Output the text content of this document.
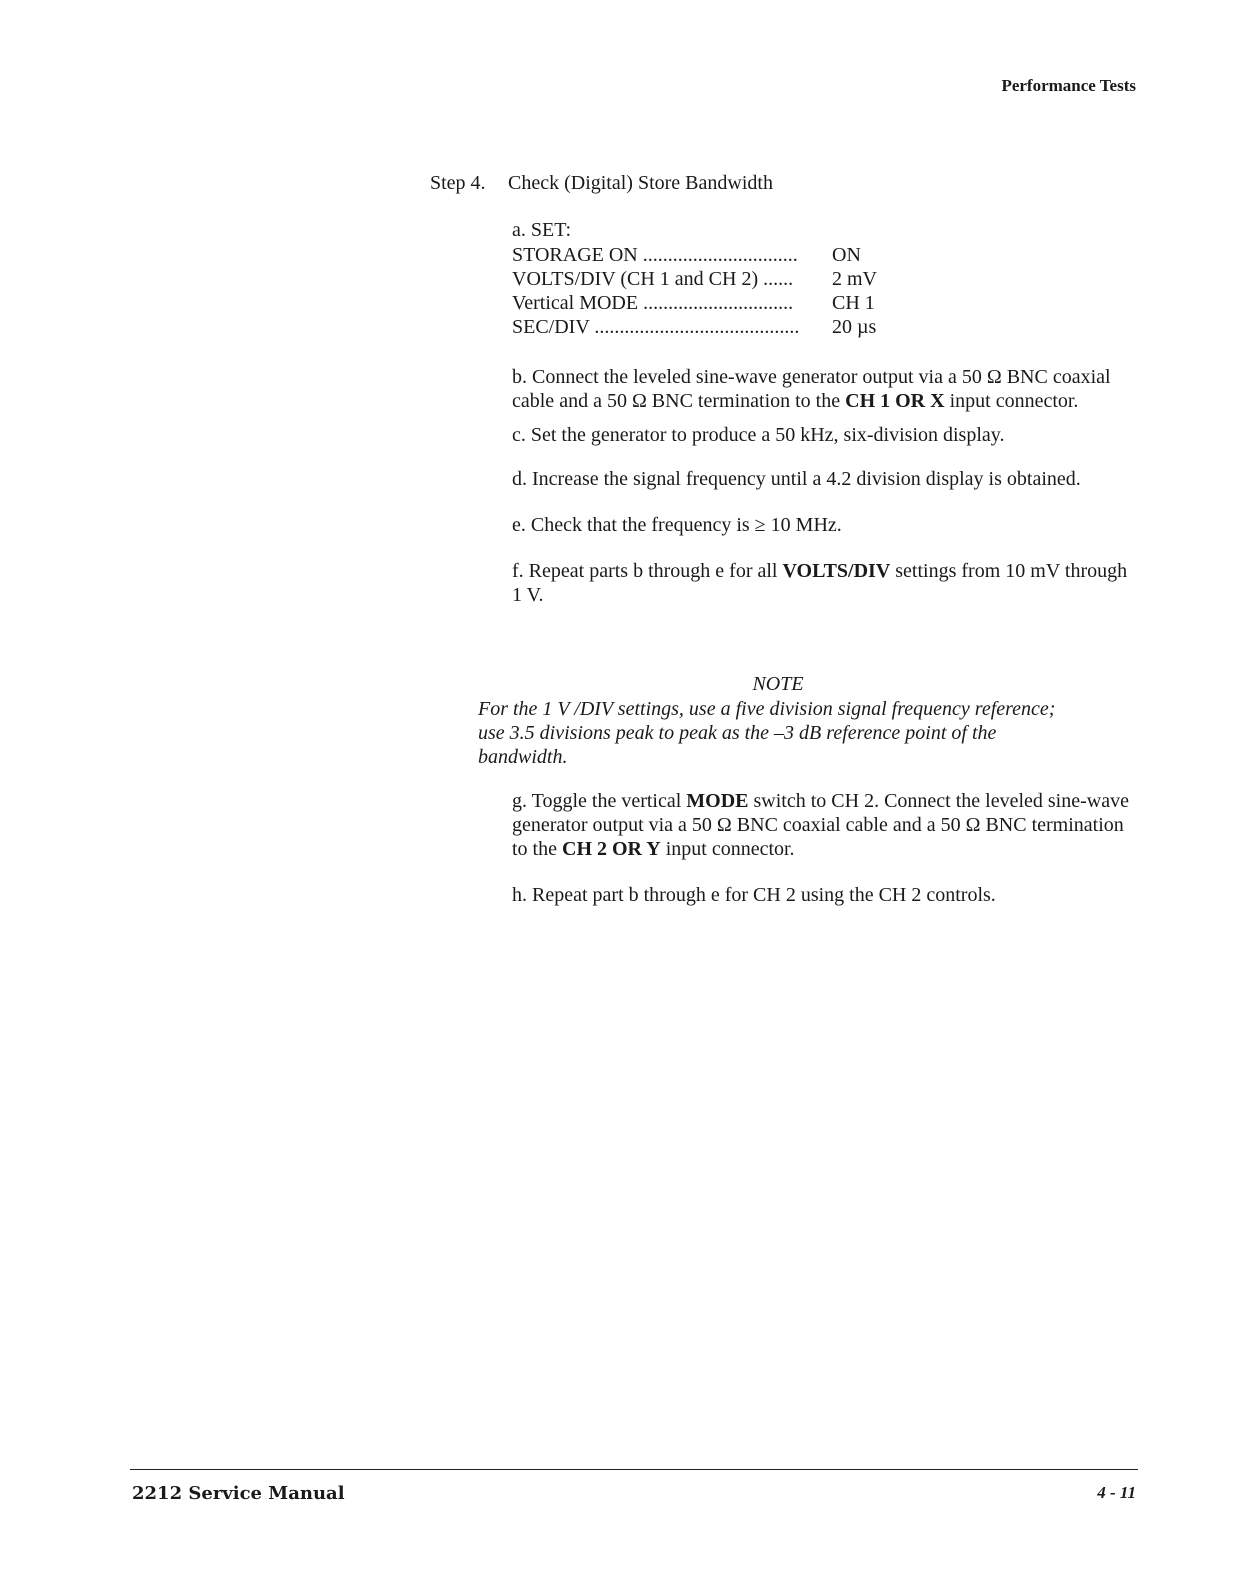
Performance Tests
Step 4. Check (Digital) Store Bandwidth

a. SET:

STORAGE ON ...............................	ON
VOLTS/DIV (CH 1 and CH 2) ......	2 mV
Vertical MODE ..............................	CH 1
SEC/DIV .........................................	20 µs

b. Connect the leveled sine-wave generator output via a 50 Ω BNC coaxial cable and a 50 Ω BNC termination to the CH 1 OR X input connector.

c. Set the generator to produce a 50 kHz, six-division display.

d. Increase the signal frequency until a 4.2 division display is obtained.

e. Check that the frequency is ≥ 10 MHz.

f. Repeat parts b through e for all VOLTS/DIV settings from 10 mV through 1 V.

NOTE
For the 1 V /DIV settings, use a five division signal frequency reference; use 3.5 divisions peak to peak as the –3 dB reference point of the bandwidth.

g. Toggle the vertical MODE switch to CH 2. Connect the leveled sine-wave generator output via a 50 Ω BNC coaxial cable and a 50 Ω BNC termination to the CH 2 OR Y input connector.

h. Repeat part b through e for CH 2 using the CH 2 controls.

2212 Service Manual	4 - 11
